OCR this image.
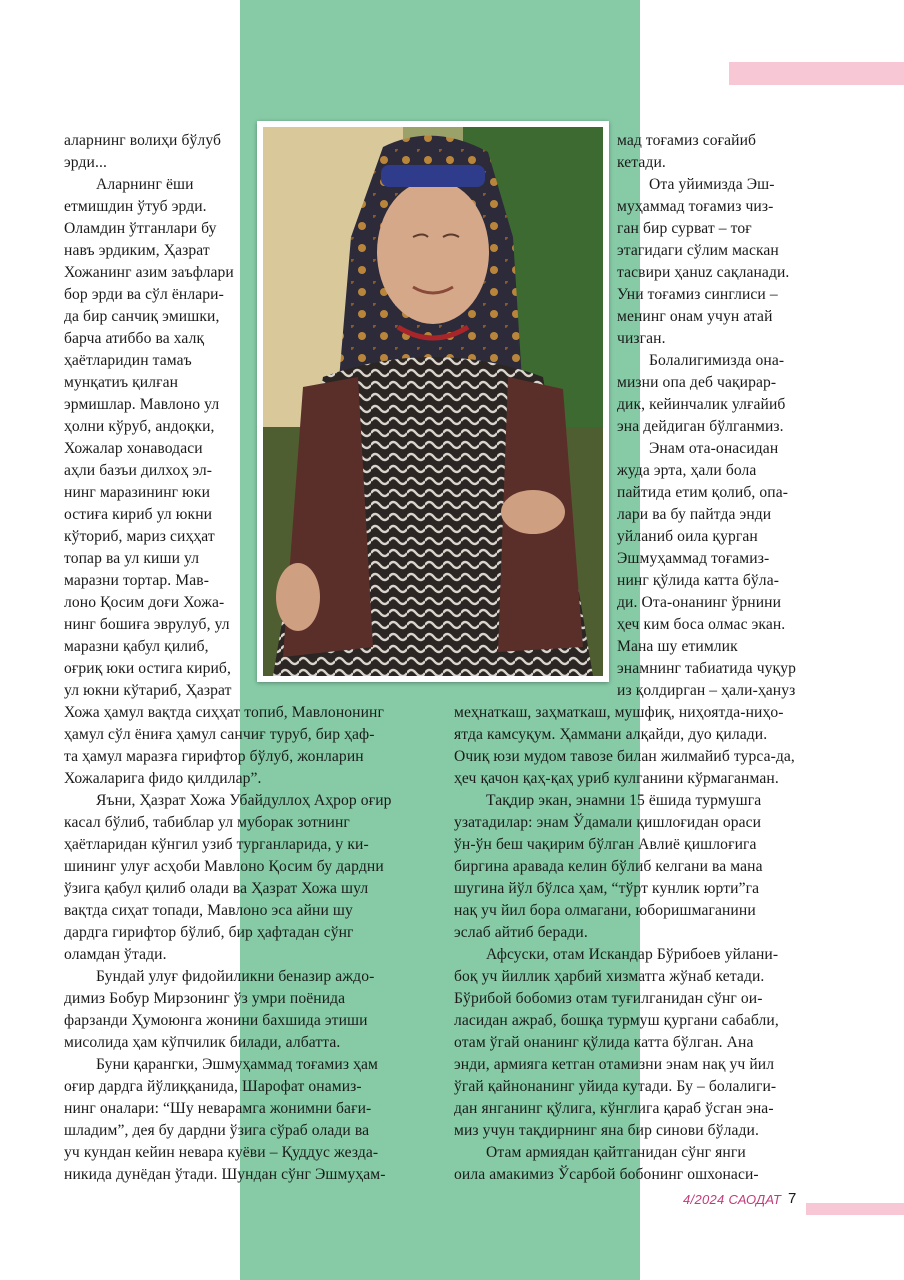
аларнинг волиҳи бўлуб
эрди...
Аларнинг ёши
етмишдин ўтуб эрди.
Оламдин ўтганлари бу
навъ эрдиким, Ҳазрат
Хожанинг азим заъфлари
бор эрди ва сўл ёнлари-
да бир санчиқ эмишки,
барча атиббо ва халқ
ҳаётларидин тамаъ
мунқатиъ қилған
эрмишлар. Мавлоно ул
ҳолни кўруб, андоқки,
Хожалар хонаводаси
аҳли базъи дилхоҳ эл-
нинг маразининг юки
остиға кириб ул юкни
кўториб, мариз сиҳҳат
топар ва ул киши ул
маразни тортар. Мав-
лоно Қосим доғи Хожа-
нинг бошиға эврулуб, ул
маразни қабул қилиб,
оғриқ юки остига кириб,
ул юкни кўтариб, Ҳазрат
Хожа ҳамул вақтда сиҳҳат топиб, Мавлононинг
ҳамул сўл ёниға ҳамул санчиғ туруб, бир ҳаф-
та ҳамул маразға гирифтор бўлуб, жонларин
Хожаларига фидо қилдилар”.
Яъни, Ҳазрат Хожа Убайдуллоҳ Аҳрор оғир
касал бўлиб, табиблар ул муборак зотнинг
ҳаётларидан кўнгил узиб турганларида, у ки-
шининг улуғ асҳоби Мавлоно Қосим бу дардни
ўзига қабул қилиб олади ва Ҳазрат Хожа шул
вақтда сиҳат топади, Мавлоно эса айни шу
дардга гирифтор бўлиб, бир ҳафтадан сўнг
оламдан ўтади.
Бундай улуғ фидойиликни беназир аждо-
димиз Бобур Мирзонинг ўз умри поёнида
фарзанди Ҳумоюнга жонини бахшида этиши
мисолида ҳам кўпчилик билади, албатта.
Буни қарангки, Эшмуҳаммад тоғамиз ҳам
оғир дардга йўлиққанида, Шарофат онамиз-
нинг оналари: “Шу неварамга жонимни бағи-
шладим”, дея бу дардни ўзига сўраб олади ва
уч кундан кейин невара куёви – Қуддус жезда-
никида дунёдан ўтади. Шундан сўнг Эшмуҳам-
мад тоғамиз соғайиб
кетади.
Ота уйимизда Эш-
муҳаммад тоғамиз чиз-
ган бир сурват – тоғ
этагидаги сўлим маскан
тасвири ҳанuz сақланади.
Уни тоғамиз синглиси –
менинг онам учун атай
чизган.
Болалигимизда она-
мизни опа деб чақирар-
дик, кейинчалик улғайиб
эна дейдиган бўлганмиз.
Энам ота-онасидан
жуда эрта, ҳали бола
пайтида етим қолиб, опа-
лари ва бу пайтда энди
уйланиб оила қурган
Эшмуҳаммад тоғамиз-
нинг қўлида катта бўла-
ди. Ота-онанинг ўрнини
ҳеч ким боса олмас экан.
Мана шу етимлик
энамнинг табиатида чуқур
из қолдирган – ҳали-ҳануз
меҳнаткаш, заҳматкаш, мушфиқ, ниҳоятда-ниҳо-
ятда камсуқум. Ҳаммани алқайди, дуо қилади.
Очиқ юзи мудом тавозе билан жилмайиб турса-да,
ҳеч қачон қаҳ-қаҳ уриб кулганини кўрмаганман.
Тақдир экан, энамни 15 ёшида турмушга
узатадилар: энам Ўдамали қишлоғидан ораси
ўн-ўн беш чақирим бўлган Авлиё қишлоғига
биргина аравада келин бўлиб келгани ва мана
шугина йўл бўлса ҳам, “тўрт кунлик юрти”га
нақ уч йил бора олмагани, юборишмаганини
эслаб айтиб беради.
Афсуски, отам Искандар Бўрибоев уйлани-
боқ уч йиллик ҳарбий хизматга жўнаб кетади.
Бўрибой бобомиз отам туғилганидан сўнг ои-
ласидан ажраб, бошқа турмуш қургани сабабли,
отам ўгай онанинг қўлида катта бўлган. Ана
энди, армияга кетган отамизни энам нақ уч йил
ўгай қайнонанинг уйида кутади. Бу – болалиги-
дан янганинг қўлига, кўнглига қараб ўсган эна-
миз учун тақдирнинг яна бир синови бўлади.
Отам армиядан қайтганидан сўнг янги
оила амакимиз Ўсарбой бобонинг ошхонаси-
4/2024 САОДАТ 7
